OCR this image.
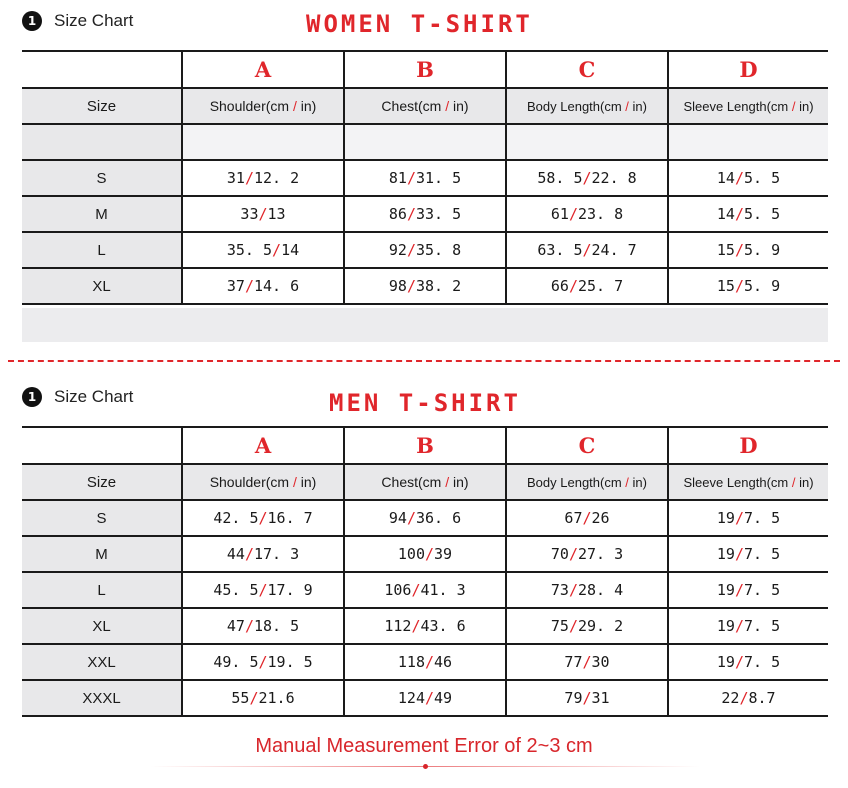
1	Size Chart	WOMEN T-SHIRT
	A	B	C	D
Size	Shoulder(cm / in)	Chest(cm / in)	Body Length(cm / in)	Sleeve Length(cm / in)

S	31/12. 2	81/31. 5	58. 5/22. 8	14/5. 5
M	33/13	86/33. 5	61/23. 8	14/5. 5
L	35. 5/14	92/35. 8	63. 5/24. 7	15/5. 9
XL	37/14. 6	98/38. 2	66/25. 7	15/5. 9
1	Size Chart	MEN T-SHIRT
	A	B	C	D
Size	Shoulder(cm / in)	Chest(cm / in)	Body Length(cm / in)	Sleeve Length(cm / in)
S	42. 5/16. 7	94/36. 6	67/26	19/7. 5
M	44/17. 3	100/39	70/27. 3	19/7. 5
L	45. 5/17. 9	106/41. 3	73/28. 4	19/7. 5
XL	47/18. 5	112/43. 6	75/29. 2	19/7. 5
XXL	49. 5/19. 5	118/46	77/30	19/7. 5
XXXL	55/21.6	124/49	79/31	22/8.7
Manual Measurement Error of 2~3 cm
